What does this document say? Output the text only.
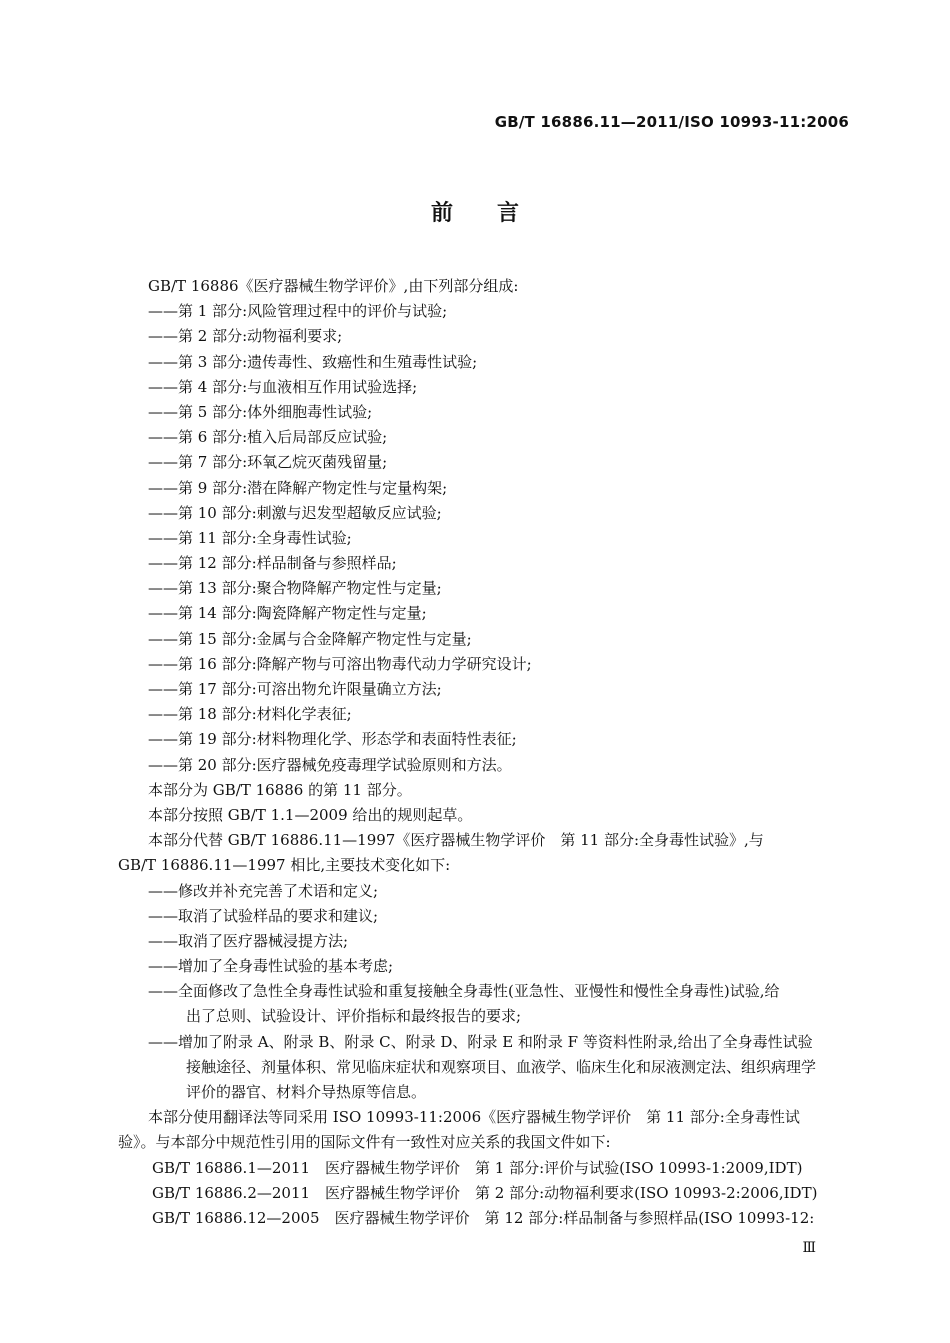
GB/T 16886.11—2011/ISO 10993-11:2006
前言
GB/T 16886《医疗器械生物学评价》,由下列部分组成:
——第 1 部分:风险管理过程中的评价与试验;
——第 2 部分:动物福利要求;
——第 3 部分:遗传毒性、致癌性和生殖毒性试验;
——第 4 部分:与血液相互作用试验选择;
——第 5 部分:体外细胞毒性试验;
——第 6 部分:植入后局部反应试验;
——第 7 部分:环氧乙烷灭菌残留量;
——第 9 部分:潜在降解产物定性与定量构架;
——第 10 部分:刺激与迟发型超敏反应试验;
——第 11 部分:全身毒性试验;
——第 12 部分:样品制备与参照样品;
——第 13 部分:聚合物降解产物定性与定量;
——第 14 部分:陶瓷降解产物定性与定量;
——第 15 部分:金属与合金降解产物定性与定量;
——第 16 部分:降解产物与可溶出物毒代动力学研究设计;
——第 17 部分:可溶出物允许限量确立方法;
——第 18 部分:材料化学表征;
——第 19 部分:材料物理化学、形态学和表面特性表征;
——第 20 部分:医疗器械免疫毒理学试验原则和方法。
本部分为 GB/T 16886 的第 11 部分。
本部分按照 GB/T 1.1—2009 给出的规则起草。
本部分代替 GB/T 16886.11—1997《医疗器械生物学评价　第 11 部分:全身毒性试验》,与
GB/T 16886.11—1997 相比,主要技术变化如下:
——修改并补充完善了术语和定义;
——取消了试验样品的要求和建议;
——取消了医疗器械浸提方法;
——增加了全身毒性试验的基本考虑;
——全面修改了急性全身毒性试验和重复接触全身毒性(亚急性、亚慢性和慢性全身毒性)试验,给
出了总则、试验设计、评价指标和最终报告的要求;
——增加了附录 A、附录 B、附录 C、附录 D、附录 E 和附录 F 等资料性附录,给出了全身毒性试验
接触途径、剂量体积、常见临床症状和观察项目、血液学、临床生化和尿液测定法、组织病理学
评价的器官、材料介导热原等信息。
本部分使用翻译法等同采用 ISO 10993-11:2006《医疗器械生物学评价　第 11 部分:全身毒性试
验》。与本部分中规范性引用的国际文件有一致性对应关系的我国文件如下:
GB/T 16886.1—2011　医疗器械生物学评价　第 1 部分:评价与试验(ISO 10993-1:2009,IDT)
GB/T 16886.2—2011　医疗器械生物学评价　第 2 部分:动物福利要求(ISO 10993-2:2006,IDT)
GB/T 16886.12—2005　医疗器械生物学评价　第 12 部分:样品制备与参照样品(ISO 10993-12:
Ⅲ
